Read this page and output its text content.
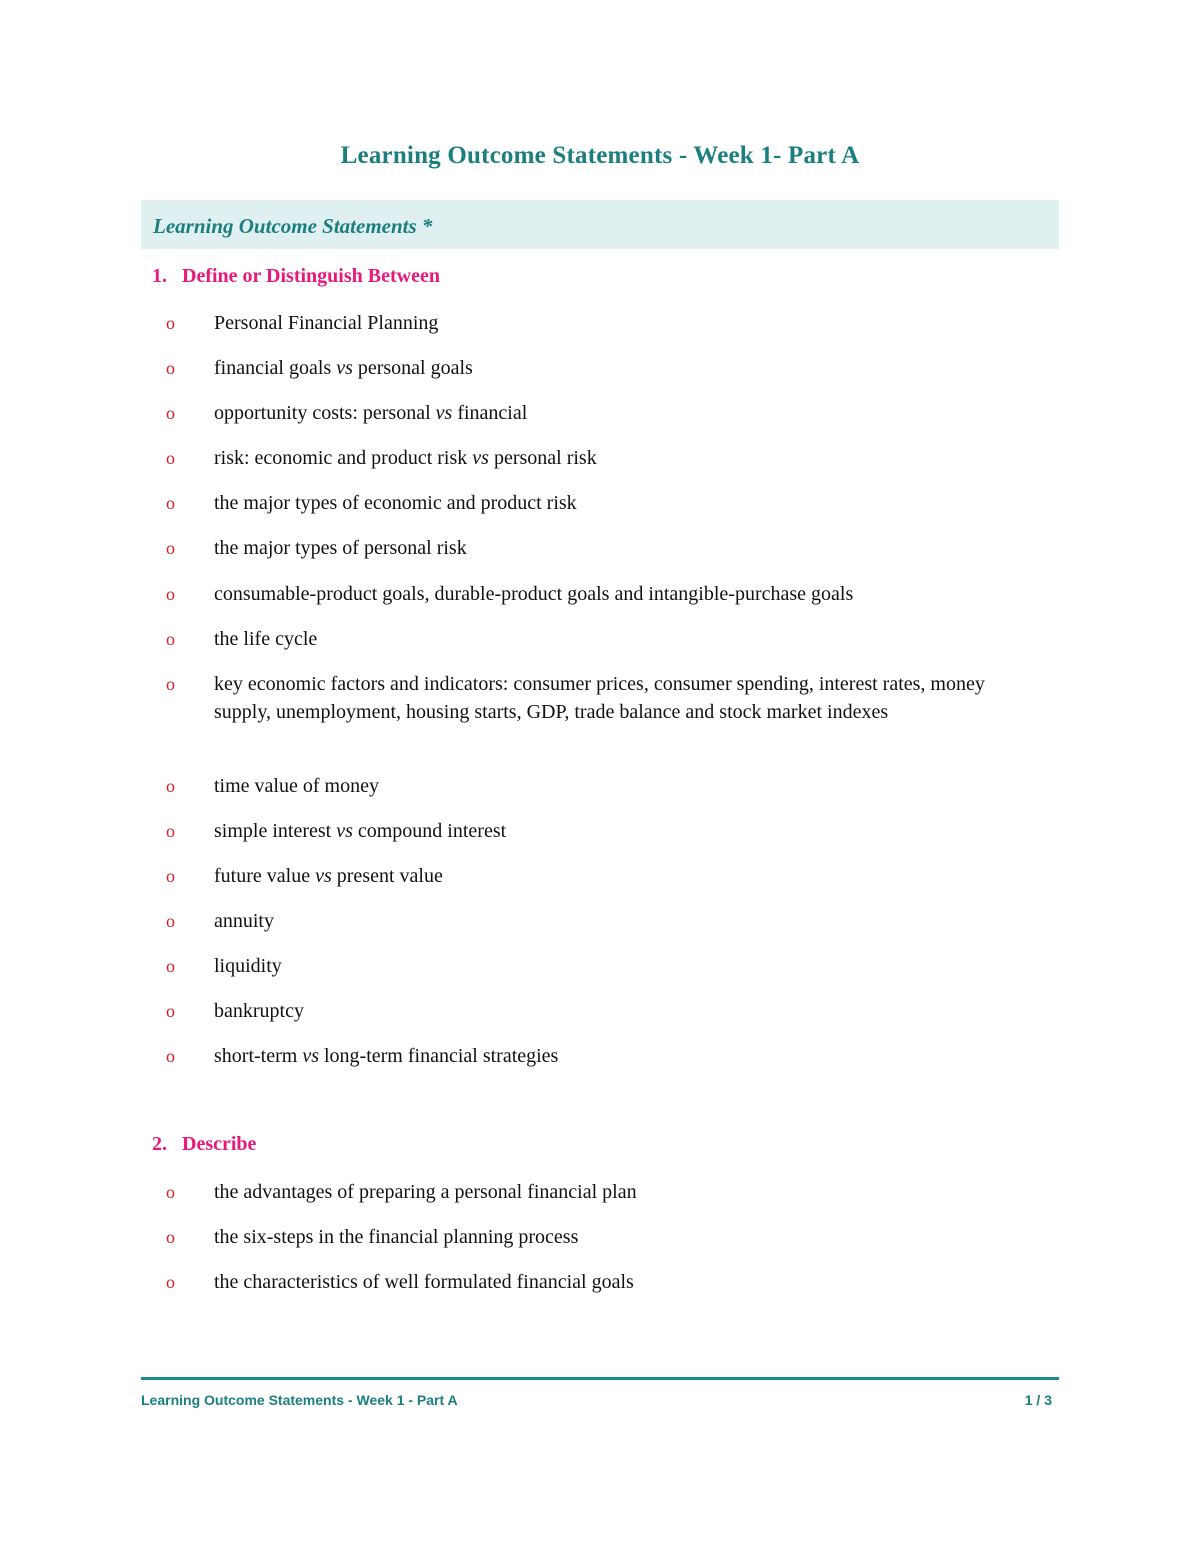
Learning Outcome Statements - Week 1- Part A
Learning Outcome Statements *
1. Define or Distinguish Between
o Personal Financial Planning
o financial goals vs personal goals
o opportunity costs: personal vs financial
o risk: economic and product risk vs personal risk
o the major types of economic and product risk
o the major types of personal risk
o consumable-product goals, durable-product goals and intangible-purchase goals
o the life cycle
o key economic factors and indicators: consumer prices, consumer spending, interest rates, money supply, unemployment, housing starts, GDP, trade balance and stock market indexes
o time value of money
o simple interest vs compound interest
o future value vs present value
o annuity
o liquidity
o bankruptcy
o short-term vs long-term financial strategies
2. Describe
o the advantages of preparing a personal financial plan
o the six-steps in the financial planning process
o the characteristics of well formulated financial goals
Learning Outcome Statements - Week 1 - Part A	1 / 3
